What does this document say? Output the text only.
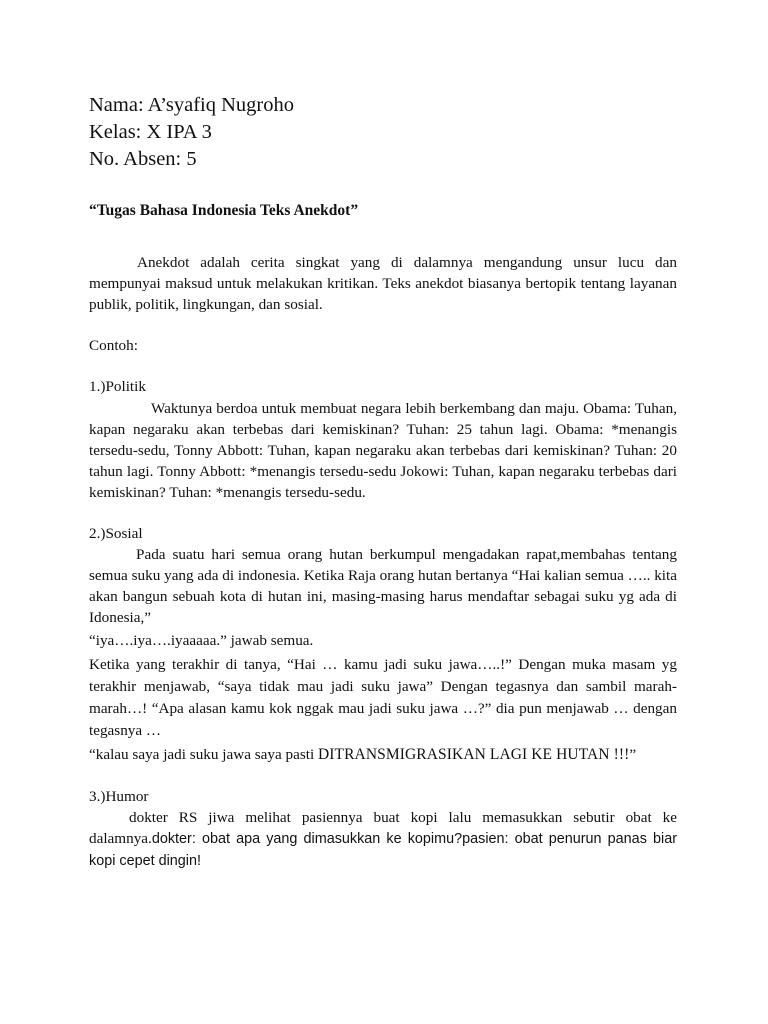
Nama: A’syafiq Nugroho

Kelas: X IPA 3

No. Absen: 5

“Tugas Bahasa Indonesia Teks Anekdot”

Anekdot adalah cerita singkat yang di dalamnya mengandung unsur lucu dan mempunyai maksud untuk melakukan kritikan. Teks anekdot biasanya bertopik tentang layanan publik, politik, lingkungan, dan sosial.

Contoh:

1.)Politik

Waktunya berdoa untuk membuat negara lebih berkembang dan maju. Obama: Tuhan, kapan negaraku akan terbebas dari kemiskinan? Tuhan: 25 tahun lagi. Obama: *menangis tersedu-sedu, Tonny Abbott: Tuhan, kapan negaraku akan terbebas dari kemiskinan? Tuhan: 20 tahun lagi. Tonny Abbott: *menangis tersedu-sedu Jokowi: Tuhan, kapan negaraku terbebas dari kemiskinan? Tuhan: *menangis tersedu-sedu.

2.)Sosial

Pada suatu hari semua orang hutan berkumpul mengadakan rapat,membahas tentang semua suku yang ada di indonesia. Ketika Raja orang hutan bertanya “Hai kalian semua ….. kita akan bangun sebuah kota di hutan ini, masing-masing harus mendaftar sebagai suku yg ada di Idonesia,”

“iya….iya….iyaaaaa.” jawab semua.

Ketika yang terakhir di tanya, “Hai … kamu jadi suku jawa…..!” Dengan muka masam yg terakhir menjawab, “saya tidak mau jadi suku jawa” Dengan tegasnya dan sambil marah-marah…! “Apa alasan kamu kok nggak mau jadi suku jawa …?” dia pun menjawab … dengan tegasnya …

“kalau saya jadi suku jawa saya pasti DITRANSMIGRASIKAN LAGI KE HUTAN !!!”

3.)Humor

dokter RS jiwa melihat pasiennya buat kopi lalu memasukkan sebutir obat ke dalamnya.dokter: obat apa yang dimasukkan ke kopimu?pasien: obat penurun panas biar kopi cepet dingin!
